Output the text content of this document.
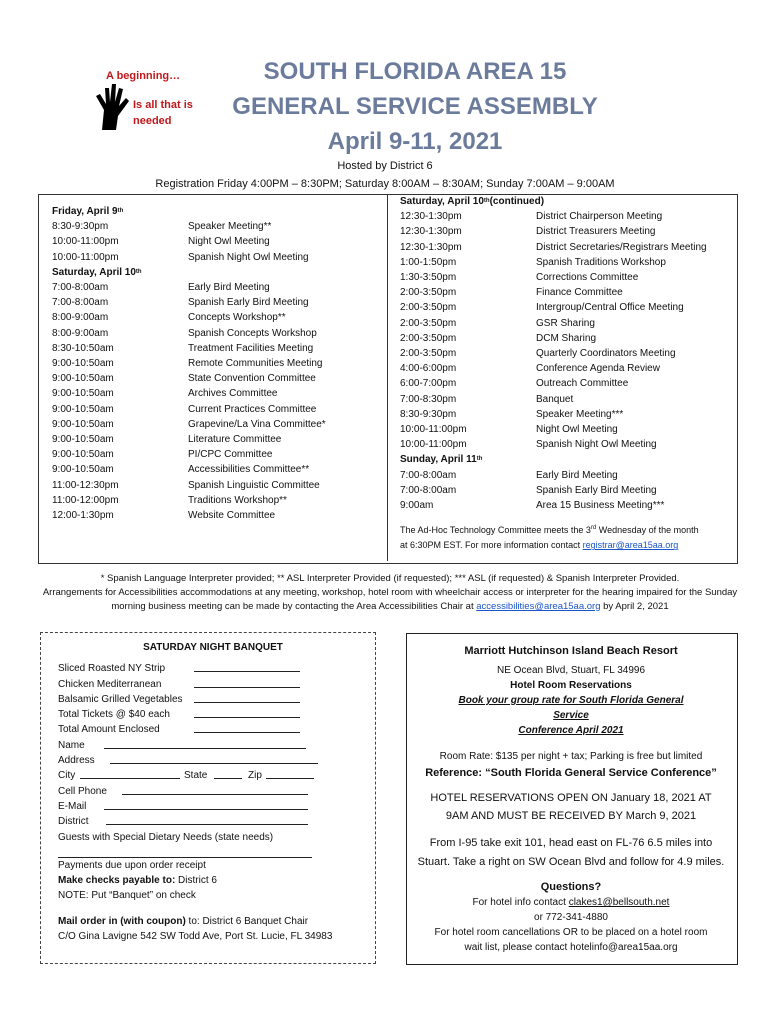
A beginning…
Is all that is needed
SOUTH FLORIDA AREA 15
GENERAL SERVICE ASSEMBLY
April 9-11, 2021
Hosted by District 6
Registration Friday 4:00PM – 8:30PM; Saturday 8:00AM – 8:30AM; Sunday 7:00AM – 9:00AM
Friday, April 9 th
8:30-9:30pm	Speaker Meeting**
10:00-11:00pm	Night Owl Meeting
10:00-11:00pm	Spanish Night Owl Meeting
Saturday, April 10 th
7:00-8:00am	Early Bird Meeting
7:00-8:00am	Spanish Early Bird Meeting
8:00-9:00am	Concepts Workshop**
8:00-9:00am	Spanish Concepts Workshop
8:30-10:50am	Treatment Facilities Meeting
9:00-10:50am	Remote Communities Meeting
9:00-10:50am	State Convention Committee
9:00-10:50am	Archives Committee
9:00-10:50am	Current Practices Committee
9:00-10:50am	Grapevine/La Vina Committee*
9:00-10:50am	Literature Committee
9:00-10:50am	PI/CPC Committee
9:00-10:50am	Accessibilities Committee**
11:00-12:30pm	Spanish Linguistic Committee
11:00-12:00pm	Traditions Workshop**
12:00-1:30pm	Website Committee
Saturday, April 10 th (continued)
12:30-1:30pm	District Chairperson Meeting
12:30-1:30pm	District Treasurers Meeting
12:30-1:30pm	District Secretaries/Registrars Meeting
1:00-1:50pm	Spanish Traditions Workshop
1:30-3:50pm	Corrections Committee
2:00-3:50pm	Finance Committee
2:00-3:50pm	Intergroup/Central Office Meeting
2:00-3:50pm	GSR Sharing
2:00-3:50pm	DCM Sharing
2:00-3:50pm	Quarterly Coordinators Meeting
4:00-6:00pm	Conference Agenda Review
6:00-7:00pm	Outreach Committee
7:00-8:30pm	Banquet
8:30-9:30pm	Speaker Meeting***
10:00-11:00pm	Night Owl Meeting
10:00-11:00pm	Spanish Night Owl Meeting
Sunday, April 11 th
7:00-8:00am	Early Bird Meeting
7:00-8:00am	Spanish Early Bird Meeting
9:00am	Area 15 Business Meeting***
The Ad-Hoc Technology Committee meets the 3rd Wednesday of the month
at 6:30PM EST. For more information contact registrar@area15aa.org
* Spanish Language Interpreter provided; ** ASL Interpreter Provided (if requested); *** ASL (if requested) & Spanish Interpreter Provided.
Arrangements for Accessibilities accommodations at any meeting, workshop, hotel room with wheelchair access or interpreter for the hearing impaired for the Sunday
morning business meeting can be made by contacting the Area Accessibilities Chair at accessibilities@area15aa.org by April 2, 2021
SATURDAY NIGHT BANQUET
Sliced Roasted NY Strip
Chicken Mediterranean
Balsamic Grilled Vegetables
Total Tickets @ $40 each
Total Amount Enclosed
Name
Address
City	State	Zip
Cell Phone
E-Mail
District
Guests with Special Dietary Needs (state needs)
Payments due upon order receipt
Make checks payable to: District 6
NOTE: Put “Banquet” on check
Mail order in (with coupon) to: District 6 Banquet Chair
C/O Gina Lavigne 542 SW Todd Ave, Port St. Lucie, FL 34983
Marriott Hutchinson Island Beach Resort
NE Ocean Blvd, Stuart, FL 34996
Hotel Room Reservations
Book your group rate for South Florida General
Service
Conference April 2021
Room Rate: $135 per night + tax; Parking is free but limited
Reference: “South Florida General Service Conference”
HOTEL RESERVATIONS OPEN ON January 18, 2021 AT
9AM AND MUST BE RECEIVED BY March 9, 2021
From I-95 take exit 101, head east on FL-76 6.5 miles into
Stuart. Take a right on SW Ocean Blvd and follow for 4.9 miles.
Questions?
For hotel info contact clakes1@bellsouth.net
or 772-341-4880
For hotel room cancellations OR to be placed on a hotel room
wait list, please contact hotelinfo@area15aa.org
